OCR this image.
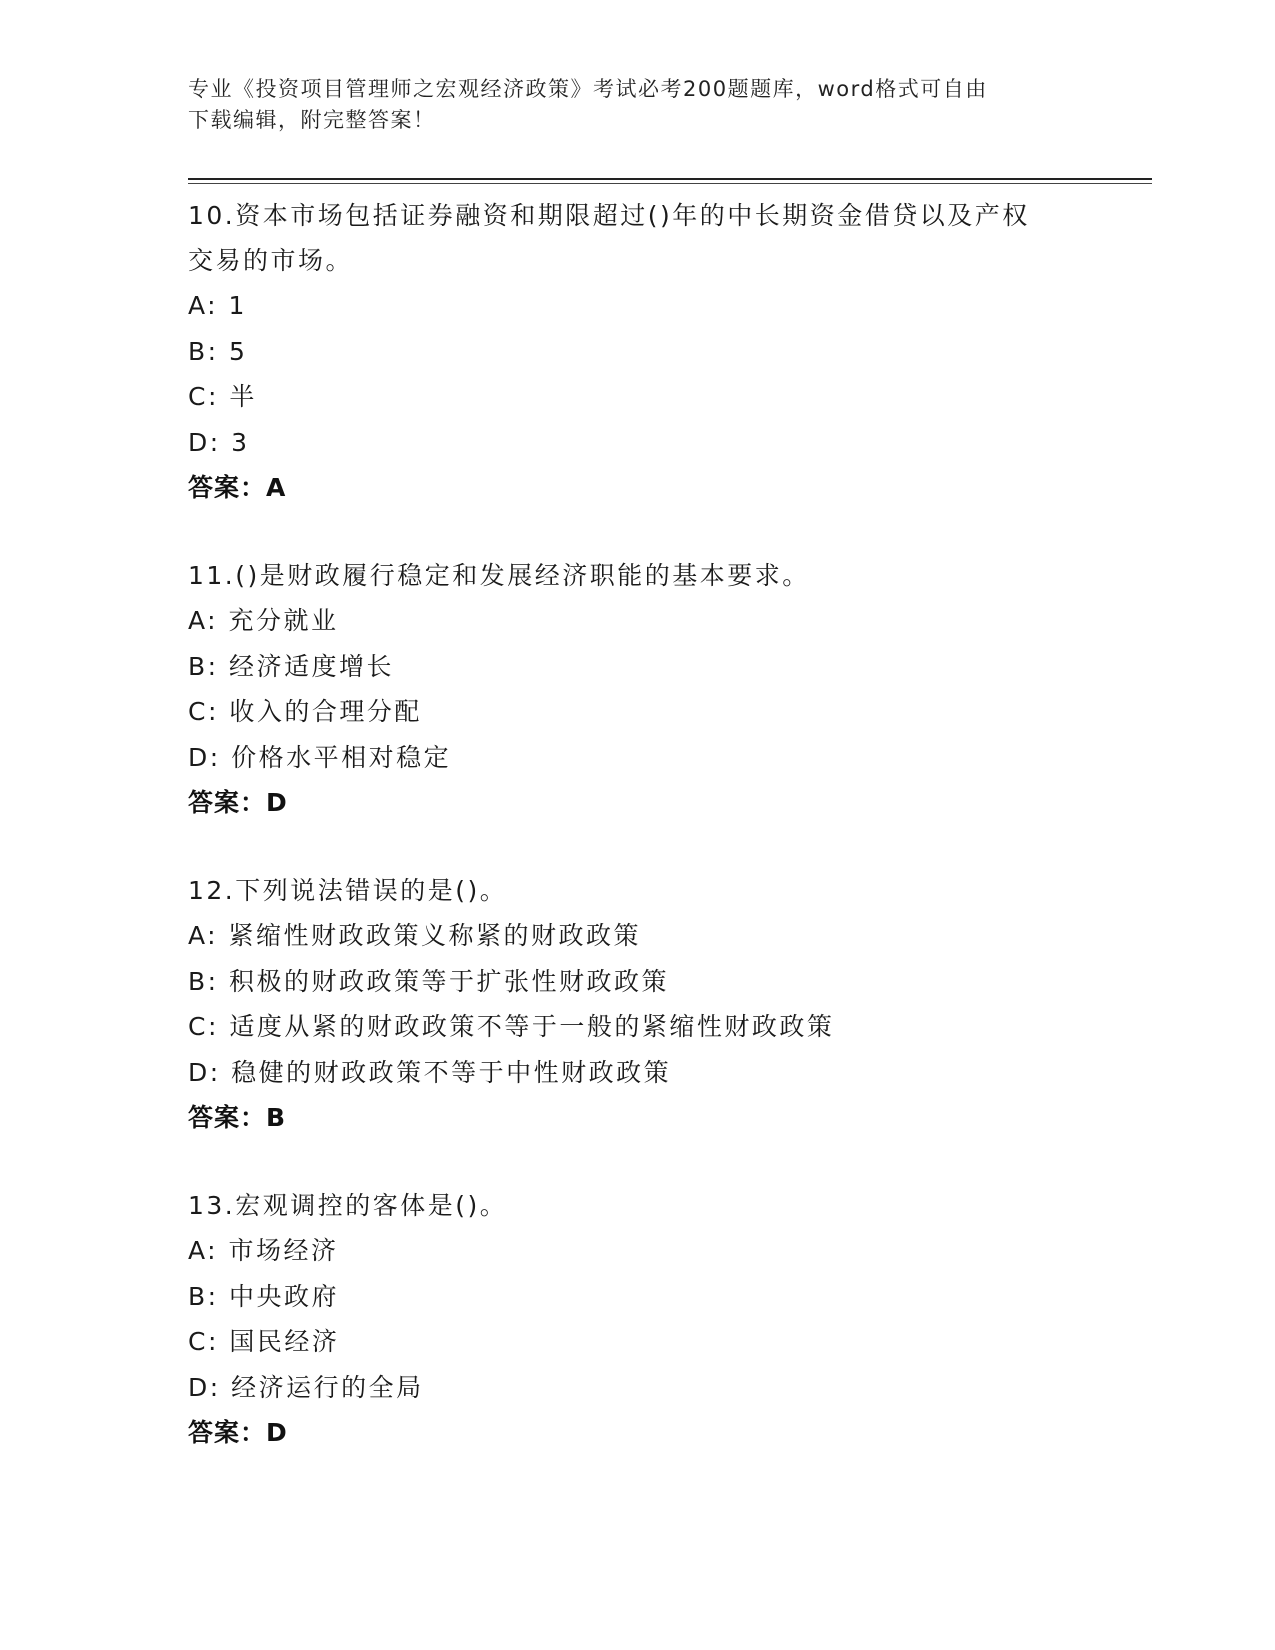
专业《投资项目管理师之宏观经济政策》考试必考200题题库，word格式可自由
下载编辑，附完整答案！
10.资本市场包括证券融资和期限超过()年的中长期资金借贷以及产权
交易的市场。
A: 1
B: 5
C: 半
D: 3
答案：A
11.()是财政履行稳定和发展经济职能的基本要求。
A: 充分就业
B: 经济适度增长
C: 收入的合理分配
D: 价格水平相对稳定
答案：D
12.下列说法错误的是()。
A: 紧缩性财政政策义称紧的财政政策
B: 积极的财政政策等于扩张性财政政策
C: 适度从紧的财政政策不等于一般的紧缩性财政政策
D: 稳健的财政政策不等于中性财政政策
答案：B
13.宏观调控的客体是()。
A: 市场经济
B: 中央政府
C: 国民经济
D: 经济运行的全局
答案：D
